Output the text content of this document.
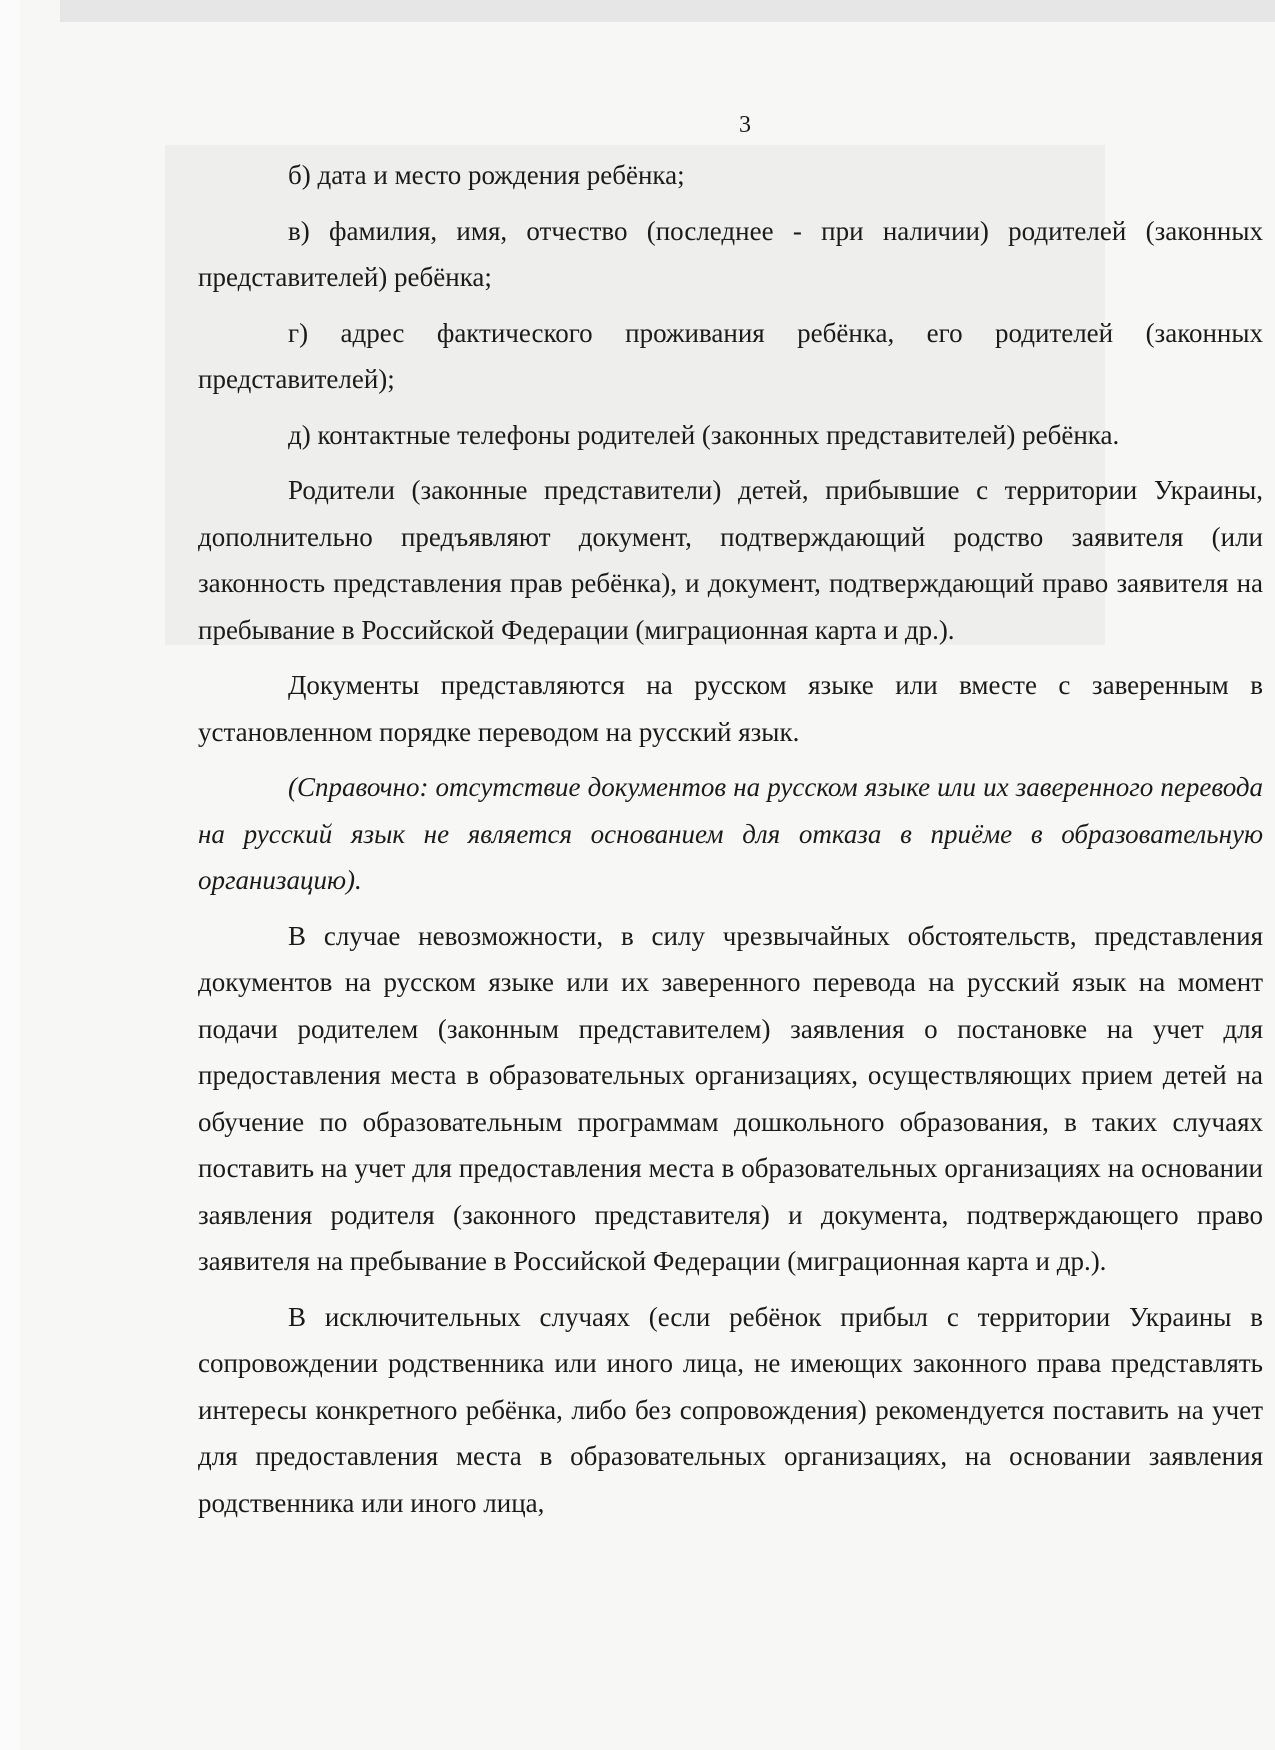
3

б) дата и место рождения ребёнка;

в) фамилия, имя, отчество (последнее - при наличии) родителей (законных представителей) ребёнка;

г) адрес фактического проживания ребёнка, его родителей (законных представителей);

д) контактные телефоны родителей (законных представителей) ребёнка.

Родители (законные представители) детей, прибывшие с территории Украины, дополнительно предъявляют документ, подтверждающий родство заявителя (или законность представления прав ребёнка), и документ, подтверждающий право заявителя на пребывание в Российской Федерации (миграционная карта и др.).

Документы представляются на русском языке или вместе с заверенным в установленном порядке переводом на русский язык.

(Справочно: отсутствие документов на русском языке или их заверенного перевода на русский язык не является основанием для отказа в приёме в образовательную организацию).

В случае невозможности, в силу чрезвычайных обстоятельств, представления документов на русском языке или их заверенного перевода на русский язык на момент подачи родителем (законным представителем) заявления о постановке на учет для предоставления места в образовательных организациях, осуществляющих прием детей на обучение по образовательным программам дошкольного образования, в таких случаях поставить на учет для предоставления места в образовательных организациях на основании заявления родителя (законного представителя) и документа, подтверждающего право заявителя на пребывание в Российской Федерации (миграционная карта и др.).

В исключительных случаях (если ребёнок прибыл с территории Украины в сопровождении родственника или иного лица, не имеющих законного права представлять интересы конкретного ребёнка, либо без сопровождения) рекомендуется поставить на учет для предоставления места в образовательных организациях, на основании заявления родственника или иного лица,
